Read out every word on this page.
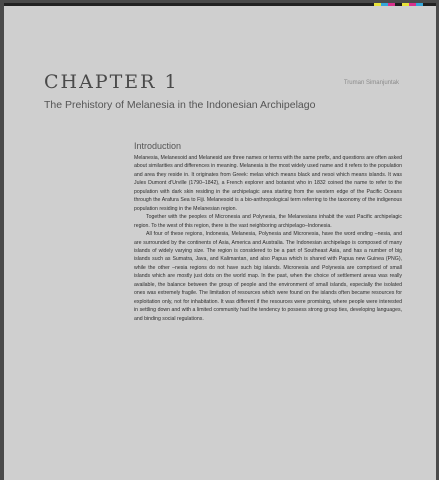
CHAPTER 1	Truman Simanjuntak
The Prehistory of Melanesia in the Indonesian Archipelago
Introduction

Melanesia, Melanesoid and Melanesid are three names or terms with the same prefix, and questions are often asked about similarities and differences in meaning. Melanesia is the most widely used name and it refers to the population and area they reside in. It originates from Greek: melas which means black and nesoi which means islands. It was Jules Dumont d'Urville (1790–1842), a French explorer and botanist who in 1832 coined the name to refer to the population with dark skin residing in the archipelagic area starting from the western edge of the Pacific Oceans through the Arafura Sea to Fiji. Melanesoid is a bio-anthropological term referring to the taxonomy of the indigenous population residing in the Melanesian region.

Together with the peoples of Micronesia and Polynesia, the Melanesians inhabit the vast Pacific archipelagic region. To the west of this region, there is the vast neighboring archipelago–Indonesia.

All four of these regions, Indonesia, Melanesia, Polynesia and Micronesia, have the word ending –nesia, and are surrounded by the continents of Asia, America and Australia. The Indonesian archipelago is composed of many islands of widely varying size. The region is considered to be a part of Southeast Asia, and has a number of big islands such as Sumatra, Java, and Kalimantan, and also Papua which is shared with Papua new Guinea (PNG), while the other –nesia regions do not have such big islands. Micronesia and Polynesia are comprised of small islands which are mostly just dots on the world map. In the past, when the choice of settlement areas was really available, the balance between the group of people and the environment of small islands, especially the isolated ones was extremely fragile. The limitation of resources which were found on the islands often became resources for exploitation only, not for inhabitation. It was different if the resources were promising, where people were interested in settling down and with a limited community had the tendency to possess strong group ties, developing languages, and binding social regulations.
